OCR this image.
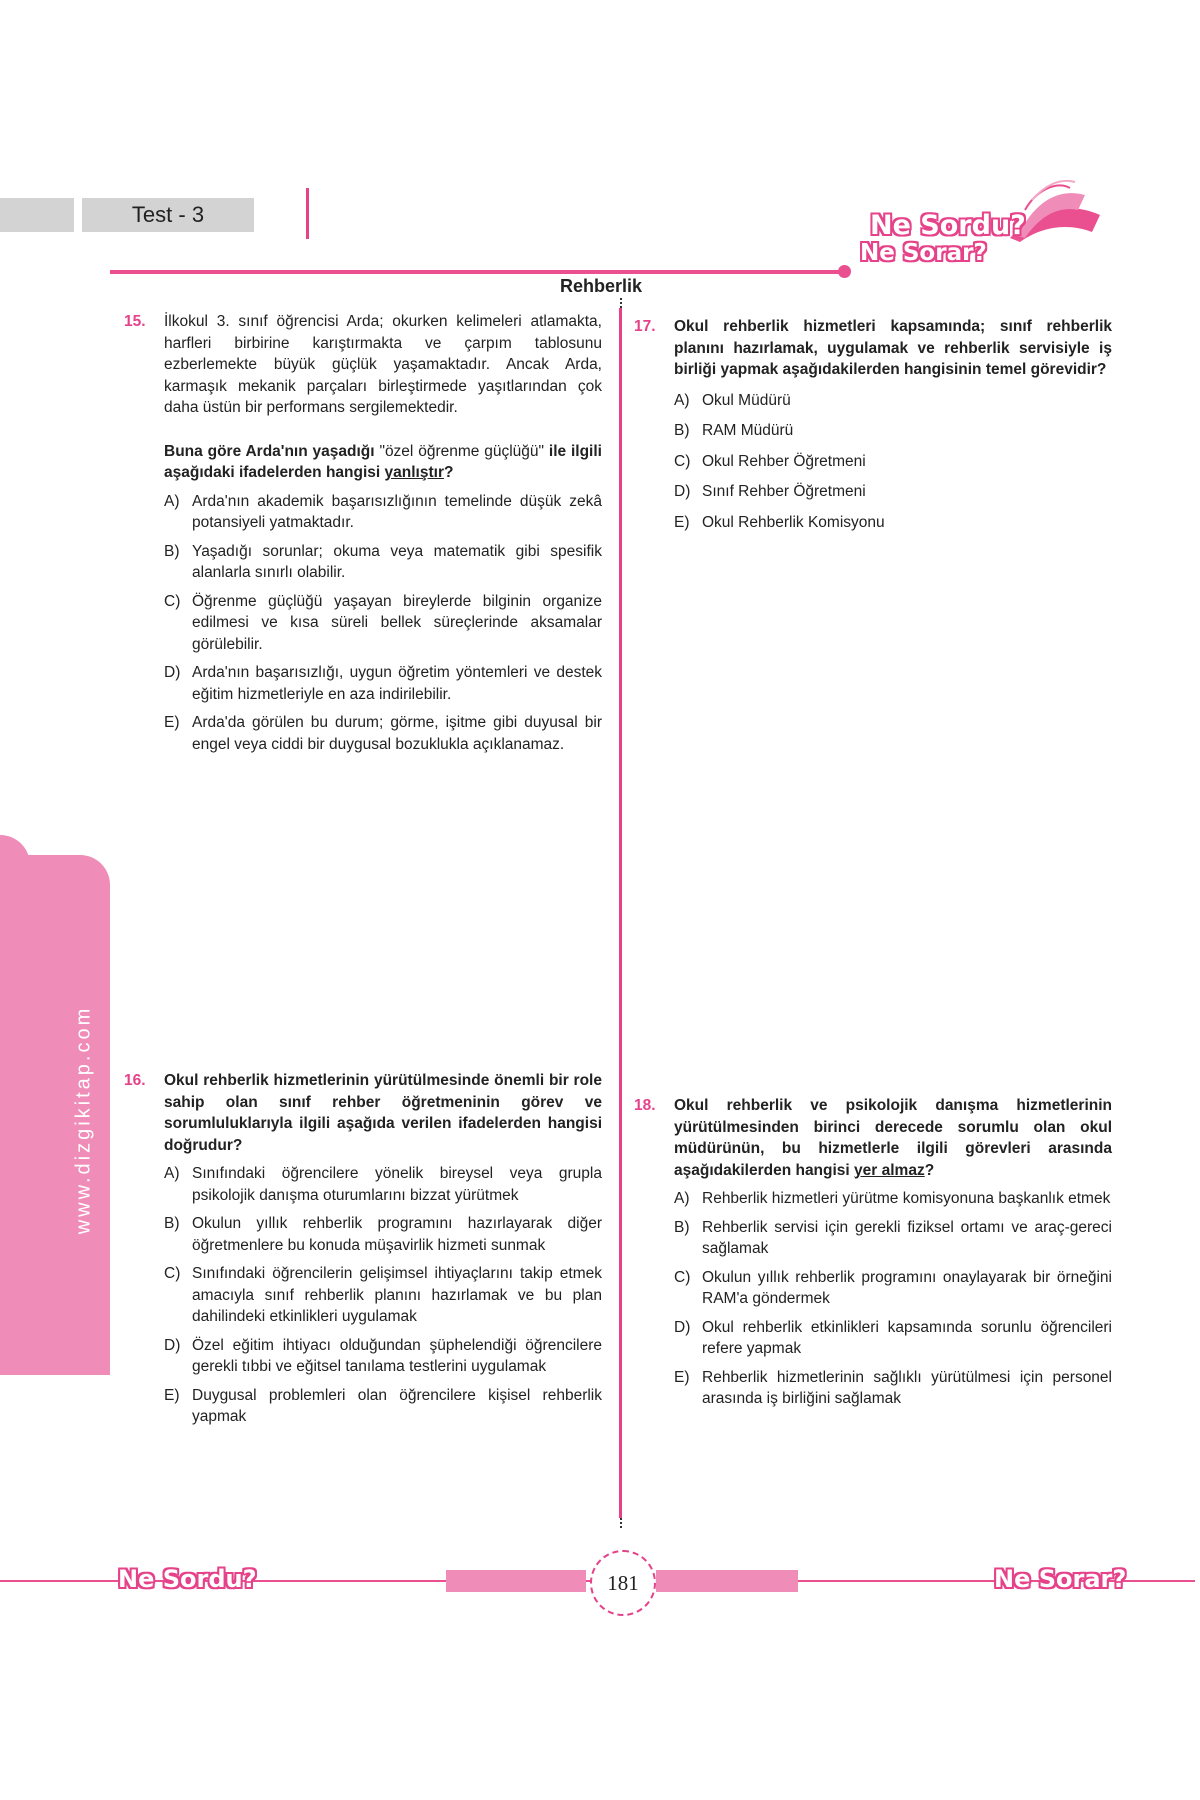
Test - 3	Ne Sordu?
Ne Sorar?
Rehberlik
www.dizgikitap.com
15. İlkokul 3. sınıf öğrencisi Arda; okurken kelimeleri atlamakta, harfleri birbirine karıştırmakta ve çarpım tablosunu ezberlemekte büyük güçlük yaşamaktadır. Ancak Arda, karmaşık mekanik parçaları birleştirmede yaşıtlarından çok daha üstün bir performans sergilemektedir.
Buna göre Arda'nın yaşadığı "özel öğrenme güçlüğü" ile ilgili aşağıdaki ifadelerden hangisi yanlıştır?
A) Arda'nın akademik başarısızlığının temelinde düşük zekâ potansiyeli yatmaktadır.
B) Yaşadığı sorunlar; okuma veya matematik gibi spesifik alanlarla sınırlı olabilir.
C) Öğrenme güçlüğü yaşayan bireylerde bilginin organize edilmesi ve kısa süreli bellek süreçlerinde aksamalar görülebilir.
D) Arda'nın başarısızlığı, uygun öğretim yöntemleri ve destek eğitim hizmetleriyle en aza indirilebilir.
E) Arda'da görülen bu durum; görme, işitme gibi duyusal bir engel veya ciddi bir duygusal bozuklukla açıklanamaz.
16. Okul rehberlik hizmetlerinin yürütülmesinde önemli bir role sahip olan sınıf rehber öğretmeninin görev ve sorumluluklarıyla ilgili aşağıda verilen ifadelerden hangisi doğrudur?
A) Sınıfındaki öğrencilere yönelik bireysel veya grupla psikolojik danışma oturumlarını bizzat yürütmek
B) Okulun yıllık rehberlik programını hazırlayarak diğer öğretmenlere bu konuda müşavirlik hizmeti sunmak
C) Sınıfındaki öğrencilerin gelişimsel ihtiyaçlarını takip etmek amacıyla sınıf rehberlik planını hazırlamak ve bu plan dahilindeki etkinlikleri uygulamak
D) Özel eğitim ihtiyacı olduğundan şüphelendiği öğrencilere gerekli tıbbi ve eğitsel tanılama testlerini uygulamak
E) Duygusal problemleri olan öğrencilere kişisel rehberlik yapmak
17. Okul rehberlik hizmetleri kapsamında; sınıf rehberlik planını hazırlamak, uygulamak ve rehberlik servisiyle iş birliği yapmak aşağıdakilerden hangisinin temel görevidir?
A) Okul Müdürü
B) RAM Müdürü
C) Okul Rehber Öğretmeni
D) Sınıf Rehber Öğretmeni
E) Okul Rehberlik Komisyonu
18. Okul rehberlik ve psikolojik danışma hizmetlerinin yürütülmesinden birinci derecede sorumlu olan okul müdürünün, bu hizmetlerle ilgili görevleri arasında aşağıdakilerden hangisi yer almaz?
A) Rehberlik hizmetleri yürütme komisyonuna başkanlık etmek
B) Rehberlik servisi için gerekli fiziksel ortamı ve araç-gereci sağlamak
C) Okulun yıllık rehberlik programını onaylayarak bir örneğini RAM'a göndermek
D) Okul rehberlik etkinlikleri kapsamında sorunlu öğrencileri refere yapmak
E) Rehberlik hizmetlerinin sağlıklı yürütülmesi için personel arasında iş birliğini sağlamak
Ne Sordu?	Ne Sorar?
181
